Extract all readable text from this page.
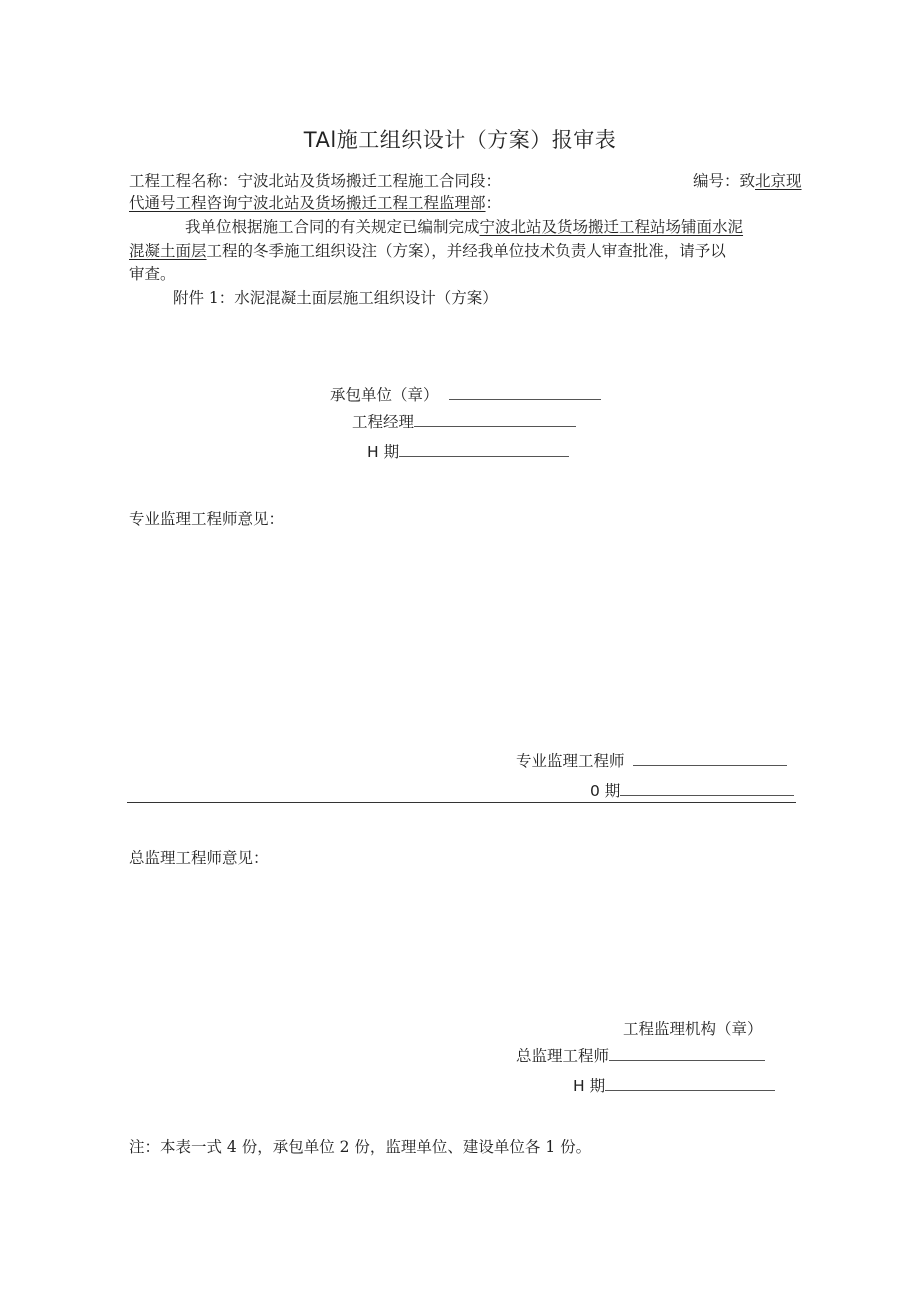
TAl施工组织设计（方案）报审表
工程工程名称：宁波北站及货场搬迁工程施工合同段：	编号：致北京现
代通号工程咨询宁波北站及货场搬迁工程工程监理部：
我单位根据施工合同的有关规定已编制完成宁波北站及货场搬迁工程站场铺面水泥
混凝土面层工程的冬季施工组织设注（方案），并经我单位技术负责人审查批准，请予以
审查。
附件 1：水泥混凝土面层施工组织设计（方案）
承包单位（章）
工程经理
H 期
专业监理工程师意见：
专业监理工程师
0 期
总监理工程师意见：
工程监理机构（章）
总监理工程师
H 期
注：本表一式 4 份，承包单位 2 份，监理单位、建设单位各 1 份。
